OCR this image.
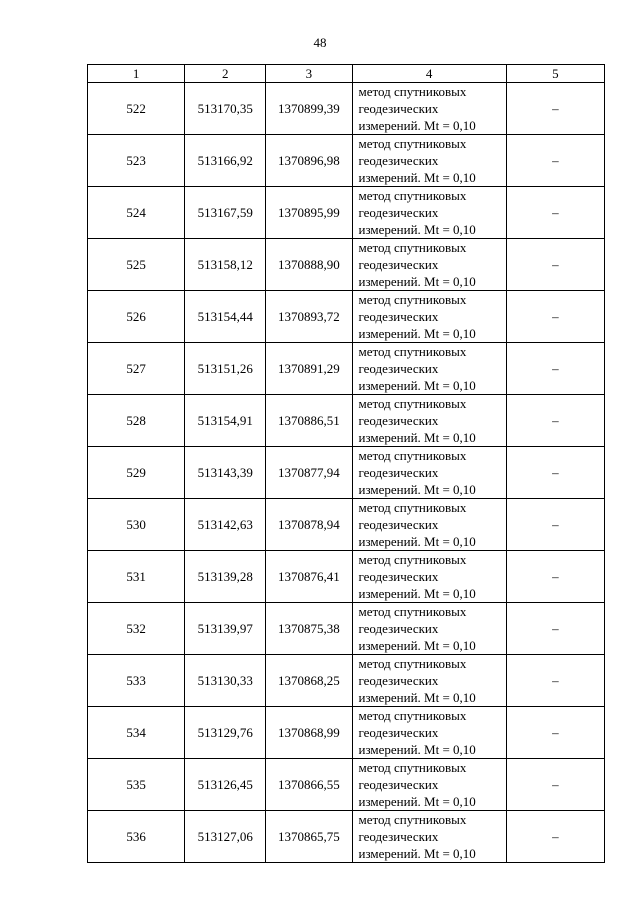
48
1	2	3	4	5
522	513170,35	1370899,39	метод спутниковых
геодезических
измерений. Mt = 0,10	–
523	513166,92	1370896,98	метод спутниковых
геодезических
измерений. Mt = 0,10	–
524	513167,59	1370895,99	метод спутниковых
геодезических
измерений. Mt = 0,10	–
525	513158,12	1370888,90	метод спутниковых
геодезических
измерений. Mt = 0,10	–
526	513154,44	1370893,72	метод спутниковых
геодезических
измерений. Mt = 0,10	–
527	513151,26	1370891,29	метод спутниковых
геодезических
измерений. Mt = 0,10	–
528	513154,91	1370886,51	метод спутниковых
геодезических
измерений. Mt = 0,10	–
529	513143,39	1370877,94	метод спутниковых
геодезических
измерений. Mt = 0,10	–
530	513142,63	1370878,94	метод спутниковых
геодезических
измерений. Mt = 0,10	–
531	513139,28	1370876,41	метод спутниковых
геодезических
измерений. Mt = 0,10	–
532	513139,97	1370875,38	метод спутниковых
геодезических
измерений. Mt = 0,10	–
533	513130,33	1370868,25	метод спутниковых
геодезических
измерений. Mt = 0,10	–
534	513129,76	1370868,99	метод спутниковых
геодезических
измерений. Mt = 0,10	–
535	513126,45	1370866,55	метод спутниковых
геодезических
измерений. Mt = 0,10	–
536	513127,06	1370865,75	метод спутниковых
геодезических
измерений. Mt = 0,10	–
